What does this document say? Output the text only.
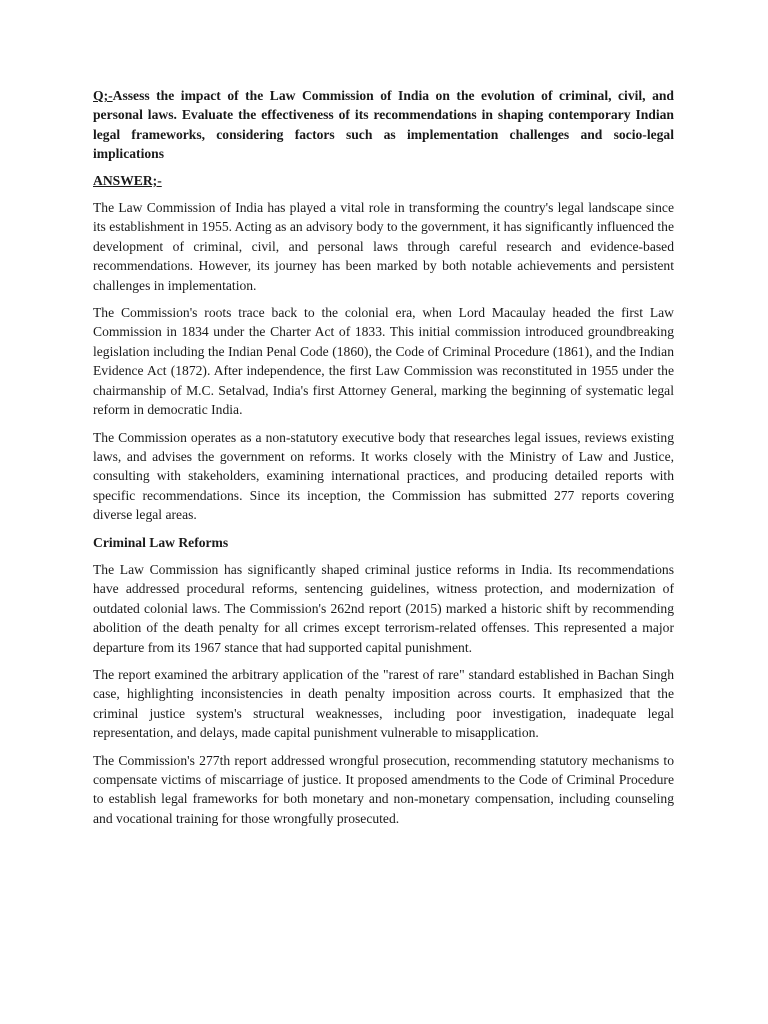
Q;-Assess the impact of the Law Commission of India on the evolution of criminal, civil, and personal laws. Evaluate the effectiveness of its recommendations in shaping contemporary Indian legal frameworks, considering factors such as implementation challenges and socio-legal implications

ANSWER;-

The Law Commission of India has played a vital role in transforming the country's legal landscape since its establishment in 1955. Acting as an advisory body to the government, it has significantly influenced the development of criminal, civil, and personal laws through careful research and evidence-based recommendations. However, its journey has been marked by both notable achievements and persistent challenges in implementation.

The Commission's roots trace back to the colonial era, when Lord Macaulay headed the first Law Commission in 1834 under the Charter Act of 1833. This initial commission introduced groundbreaking legislation including the Indian Penal Code (1860), the Code of Criminal Procedure (1861), and the Indian Evidence Act (1872). After independence, the first Law Commission was reconstituted in 1955 under the chairmanship of M.C. Setalvad, India's first Attorney General, marking the beginning of systematic legal reform in democratic India.

The Commission operates as a non-statutory executive body that researches legal issues, reviews existing laws, and advises the government on reforms. It works closely with the Ministry of Law and Justice, consulting with stakeholders, examining international practices, and producing detailed reports with specific recommendations. Since its inception, the Commission has submitted 277 reports covering diverse legal areas.

Criminal Law Reforms

The Law Commission has significantly shaped criminal justice reforms in India. Its recommendations have addressed procedural reforms, sentencing guidelines, witness protection, and modernization of outdated colonial laws. The Commission's 262nd report (2015) marked a historic shift by recommending abolition of the death penalty for all crimes except terrorism-related offenses. This represented a major departure from its 1967 stance that had supported capital punishment.

The report examined the arbitrary application of the "rarest of rare" standard established in Bachan Singh case, highlighting inconsistencies in death penalty imposition across courts. It emphasized that the criminal justice system's structural weaknesses, including poor investigation, inadequate legal representation, and delays, made capital punishment vulnerable to misapplication.

The Commission's 277th report addressed wrongful prosecution, recommending statutory mechanisms to compensate victims of miscarriage of justice. It proposed amendments to the Code of Criminal Procedure to establish legal frameworks for both monetary and non-monetary compensation, including counseling and vocational training for those wrongfully prosecuted.
